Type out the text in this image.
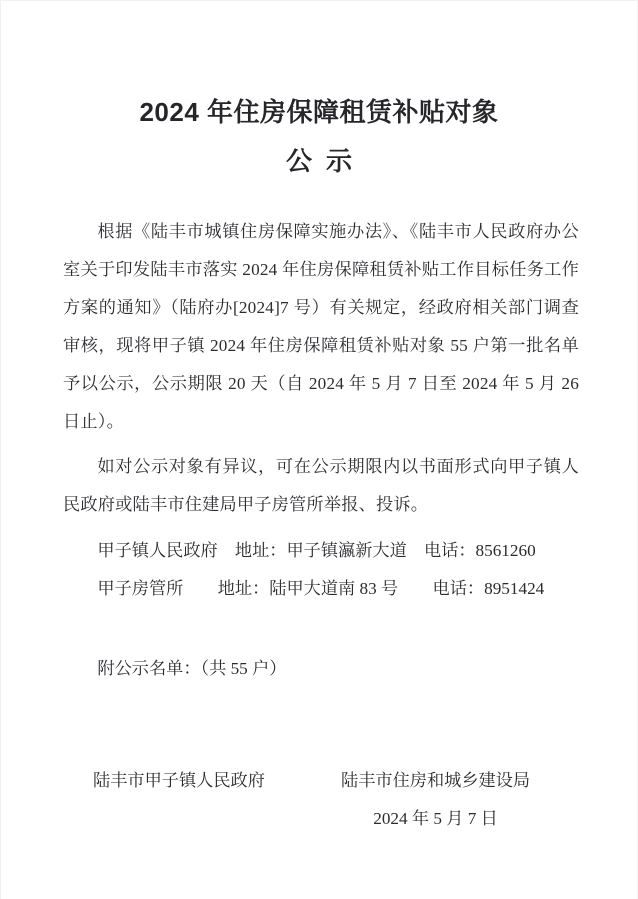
2024 年住房保障租赁补贴对象
公示

根据《陆丰市城镇住房保障实施办法》、《陆丰市人民政府办公室关于印发陆丰市落实 2024 年住房保障租赁补贴工作目标任务工作方案的通知》（陆府办[2024]7 号）有关规定，经政府相关部门调查审核，现将甲子镇 2024 年住房保障租赁补贴对象 55 户第一批名单予以公示，公示期限 20 天（自 2024 年 5 月 7 日至 2024 年 5 月 26 日止）。

如对公示对象有异议，可在公示期限内以书面形式向甲子镇人民政府或陆丰市住建局甲子房管所举报、投诉。

甲子镇人民政府　地址：甲子镇瀛新大道　电话：8561260
甲子房管所　　地址：陆甲大道南 83 号　　电话：8951424
附公示名单：（共 55 户）
陆丰市甲子镇人民政府	陆丰市住房和城乡建设局
2024 年 5 月 7 日
